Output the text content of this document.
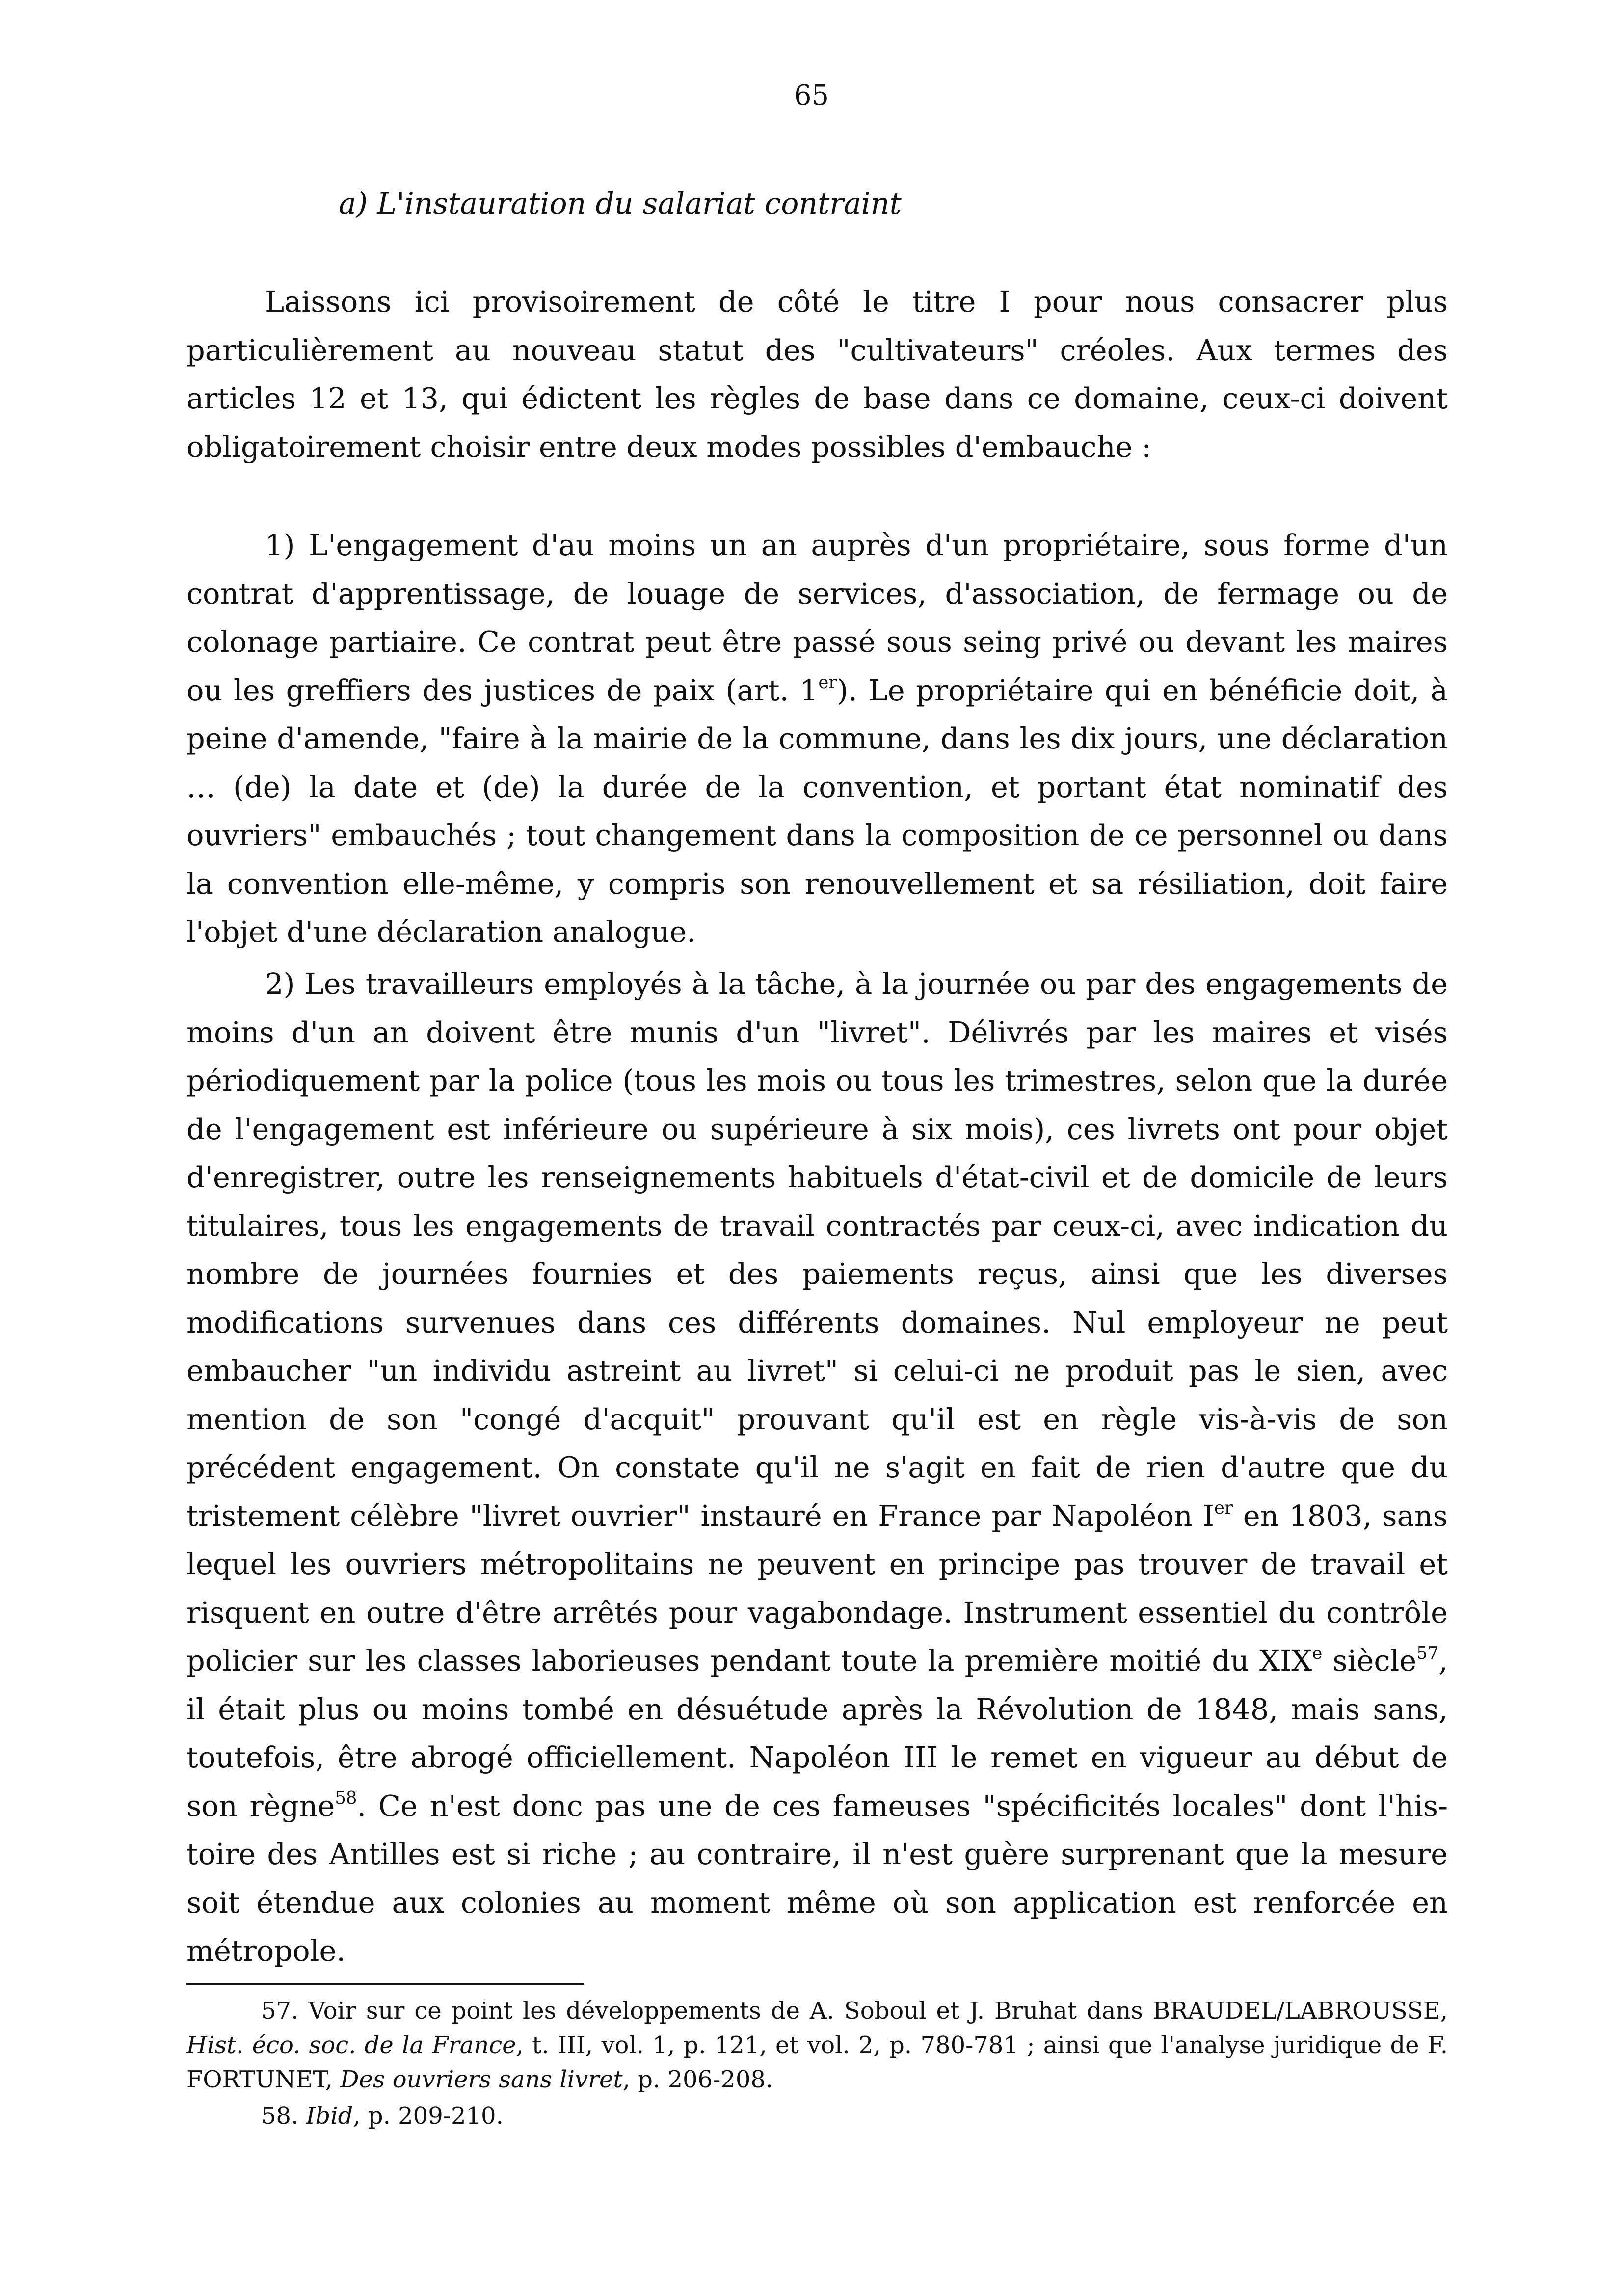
65
a) L'instauration du salariat contraint

Laissons ici provisoirement de côté le titre I pour nous consacrer plus particulièrement au nouveau statut des "cultivateurs" créoles. Aux termes des articles 12 et 13, qui édictent les règles de base dans ce domaine, ceux-ci doivent obligatoirement choisir entre deux modes possibles d'embauche :

1) L'engagement d'au moins un an auprès d'un propriétaire, sous forme d'un contrat d'apprentissage, de louage de services, d'association, de fermage ou de colonage partiaire. Ce contrat peut être passé sous seing privé ou devant les maires ou les greffiers des justices de paix (art. 1er). Le propriétaire qui en bénéficie doit, à peine d'amende, "faire à la mairie de la commune, dans les dix jours, une déclaration … (de) la date et (de) la durée de la convention, et portant état nominatif des ouvriers" embauchés ; tout changement dans la composition de ce personnel ou dans la convention elle-même, y compris son renouvellement et sa résiliation, doit faire l'objet d'une déclaration analogue.

2) Les travailleurs employés à la tâche, à la journée ou par des engagements de moins d'un an doivent être munis d'un "livret". Délivrés par les maires et visés périodiquement par la police (tous les mois ou tous les trimestres, selon que la durée de l'engagement est inférieure ou supérieure à six mois), ces livrets ont pour objet d'enregistrer, outre les renseignements habituels d'état-civil et de domicile de leurs titulaires, tous les engagements de travail contractés par ceux-ci, avec indication du nombre de journées fournies et des paiements reçus, ainsi que les diverses modifications survenues dans ces différents domaines. Nul employeur ne peut embaucher "un individu astreint au livret" si celui-ci ne produit pas le sien, avec mention de son "congé d'acquit" prouvant qu'il est en règle vis-à-vis de son précédent engagement. On constate qu'il ne s'agit en fait de rien d'autre que du tristement célèbre "livret ouvrier" instauré en France par Napoléon Ier en 1803, sans lequel les ouvriers métropolitains ne peuvent en principe pas trouver de travail et risquent en outre d'être arrêtés pour vagabondage. Instrument essentiel du contrôle policier sur les classes laborieuses pendant toute la première moitié du XIXe siècle$^{57}$, il était plus ou moins tombé en désuétude après la Révolution de 1848, mais sans, toutefois, être abrogé officiellement. Napoléon III le remet en vigueur au début de son règne$^{58}$. Ce n'est donc pas une de ces fameuses "spécificités locales" dont l'histoire des Antilles est si riche ; au contraire, il n'est guère surprenant que la mesure soit étendue aux colonies au moment même où son application est renforcée en métropole.

57. Voir sur ce point les développements de A. Soboul et J. Bruhat dans BRAUDEL/LABROUSSE, Hist. éco. soc. de la France, t. III, vol. 1, p. 121, et vol. 2, p. 780-781 ; ainsi que l'analyse juridique de F. FORTUNET, Des ouvriers sans livret, p. 206-208.

58. Ibid, p. 209-210.
